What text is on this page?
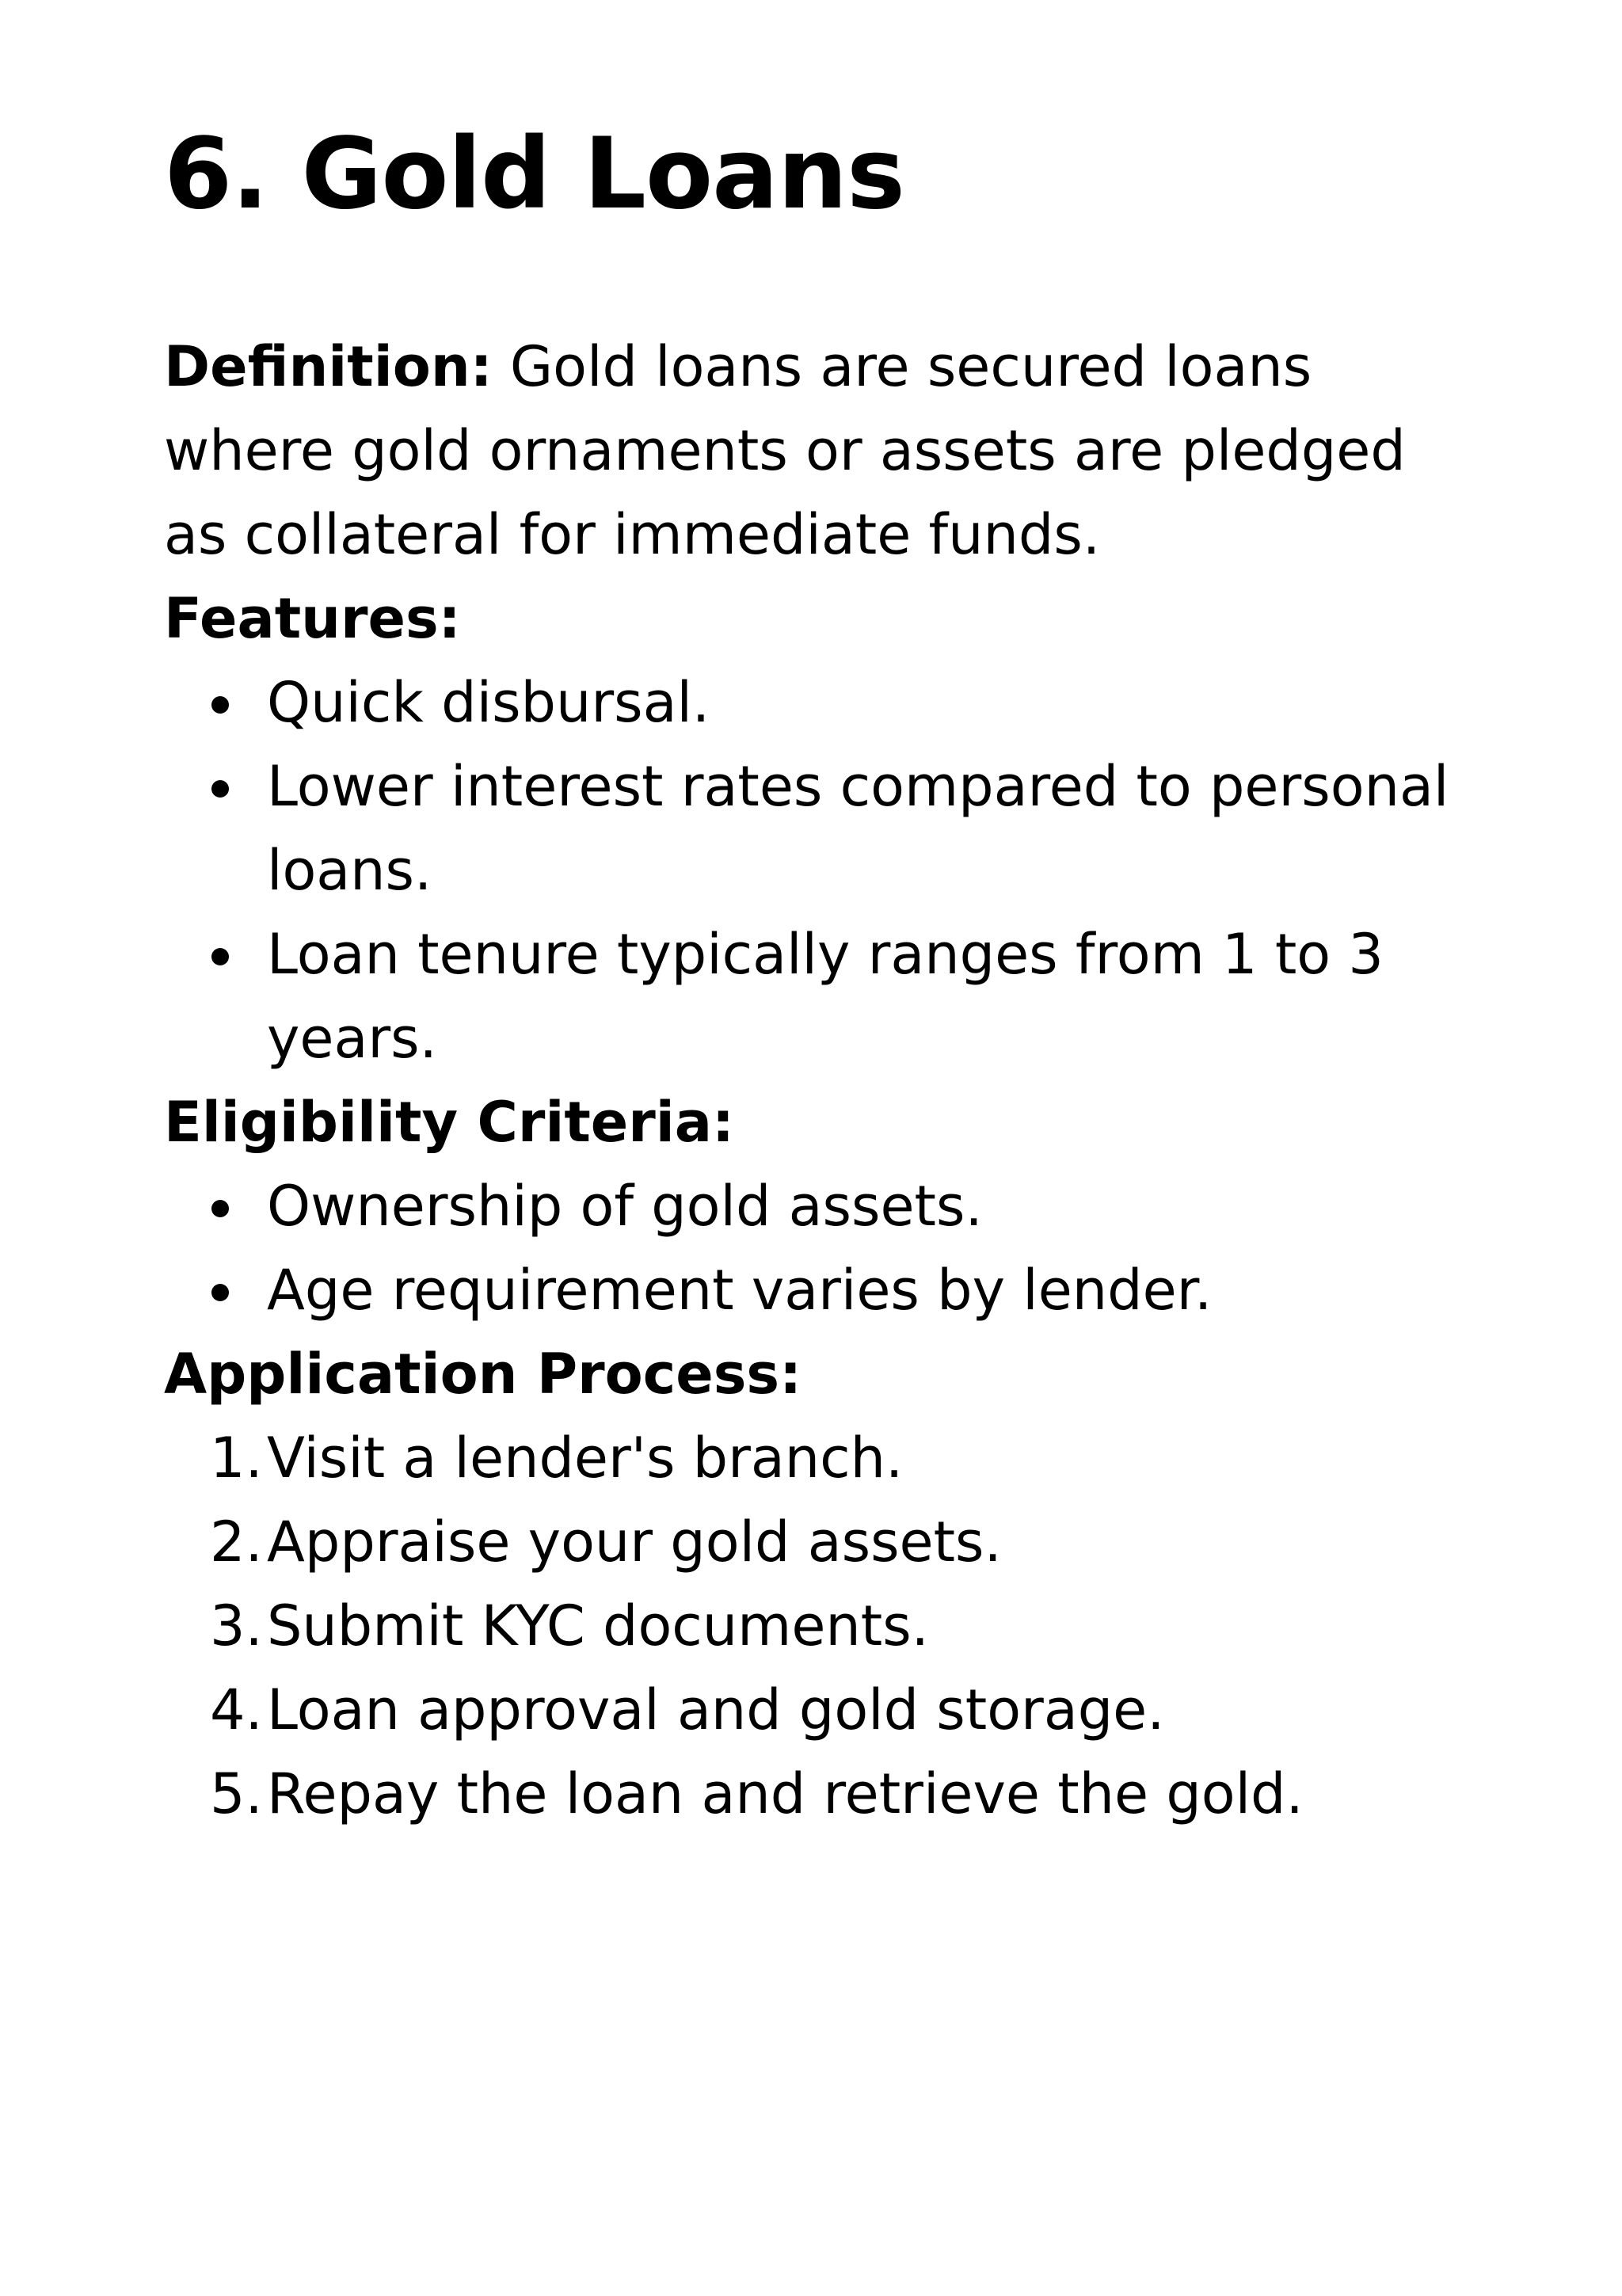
6. Gold Loans

Definition: Gold loans are secured loans where gold ornaments or assets are pledged as collateral for immediate funds.

Features:

Quick disbursal.
Lower interest rates compared to personal loans.
Loan tenure typically ranges from 1 to 3 years.

Eligibility Criteria:

Ownership of gold assets.
Age requirement varies by lender.

Application Process:

1. Visit a lender's branch.
2. Appraise your gold assets.
3. Submit KYC documents.
4. Loan approval and gold storage.
5. Repay the loan and retrieve the gold.
